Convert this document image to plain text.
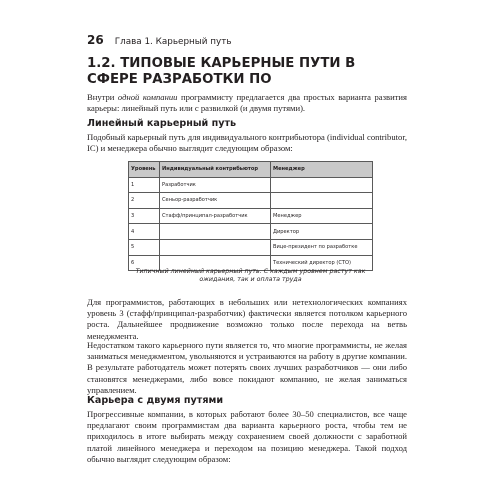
26 Глава 1. Карьерный путь
1.2. ТИПОВЫЕ КАРЬЕРНЫЕ ПУТИ В СФЕРЕ РАЗРАБОТКИ ПО

Внутри одной компании программисту предлагается два простых варианта развития карьеры: линейный путь или с развилкой (и двумя путями).

Линейный карьерный путь

Подобный карьерный путь для индивидуального контрибьютора (individual contributor, IC) и менеджера обычно выглядит следующим образом:

Уровень	Индивидуальный контрибьютор	Менеджер
1	Разработчик	
2	Сеньор-разработчик	
3	Стафф/принципал-разработчик	Менеджер
4		Директор
5		Вице-президент по разработке
6		Технический директор (CTO)

Типичный линейный карьерный путь. С каждым уровнем растут как ожидания, так и оплата труда

Для программистов, работающих в небольших или нетехнологических компаниях уровень 3 (стафф/принципал-разработчик) фактически является потолком карьерного роста. Дальнейшее продвижение возможно только после перехода на ветвь менеджмента.

Недостатком такого карьерного пути является то, что многие программисты, не желая заниматься менеджментом, увольняются и устраиваются на работу в другие компании. В результате работодатель может потерять своих лучших разработчиков — они либо становятся менеджерами, либо вовсе покидают компанию, не желая заниматься управлением.

Карьера с двумя путями

Прогрессивные компании, в которых работают более 30–50 специалистов, все чаще предлагают своим программистам два варианта карьерного роста, чтобы тем не приходилось в итоге выбирать между сохранением своей должности с заработной платой линейного менеджера и переходом на позицию менеджера. Такой подход обычно выглядит следующим образом:
